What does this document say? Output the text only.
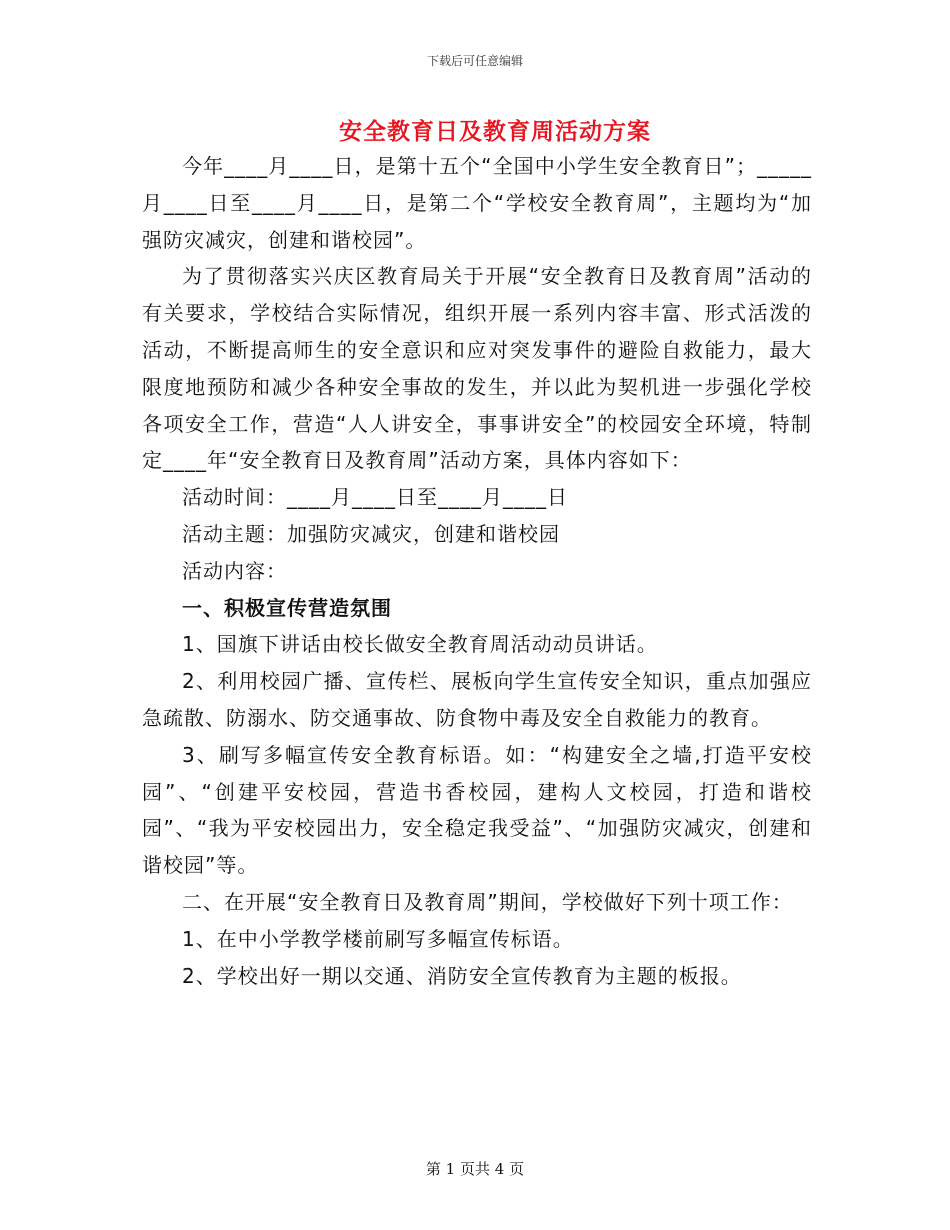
下载后可任意编辑
安全教育日及教育周活动方案

今年____月____日，是第十五个“全国中小学生安全教育日”；_____月____日至____月____日，是第二个“学校安全教育周”，主题均为“加强防灾减灾，创建和谐校园”。

为了贯彻落实兴庆区教育局关于开展“安全教育日及教育周”活动的有关要求，学校结合实际情况，组织开展一系列内容丰富、形式活泼的活动，不断提高师生的安全意识和应对突发事件的避险自救能力，最大限度地预防和减少各种安全事故的发生，并以此为契机进一步强化学校各项安全工作，营造“人人讲安全，事事讲安全”的校园安全环境，特制定____年“安全教育日及教育周”活动方案，具体内容如下：

活动时间：____月____日至____月____日

活动主题：加强防灾减灾，创建和谐校园

活动内容：

一、积极宣传营造氛围

1、国旗下讲话由校长做安全教育周活动动员讲话。

2、利用校园广播、宣传栏、展板向学生宣传安全知识，重点加强应急疏散、防溺水、防交通事故、防食物中毒及安全自救能力的教育。

3、刷写多幅宣传安全教育标语。如：“构建安全之墙,打造平安校园”、“创建平安校园，营造书香校园，建构人文校园，打造和谐校园”、“我为平安校园出力，安全稳定我受益”、“加强防灾减灾，创建和谐校园”等。

二、在开展“安全教育日及教育周”期间，学校做好下列十项工作：

1、在中小学教学楼前刷写多幅宣传标语。

2、学校出好一期以交通、消防安全宣传教育为主题的板报。

第 1 页共 4 页
